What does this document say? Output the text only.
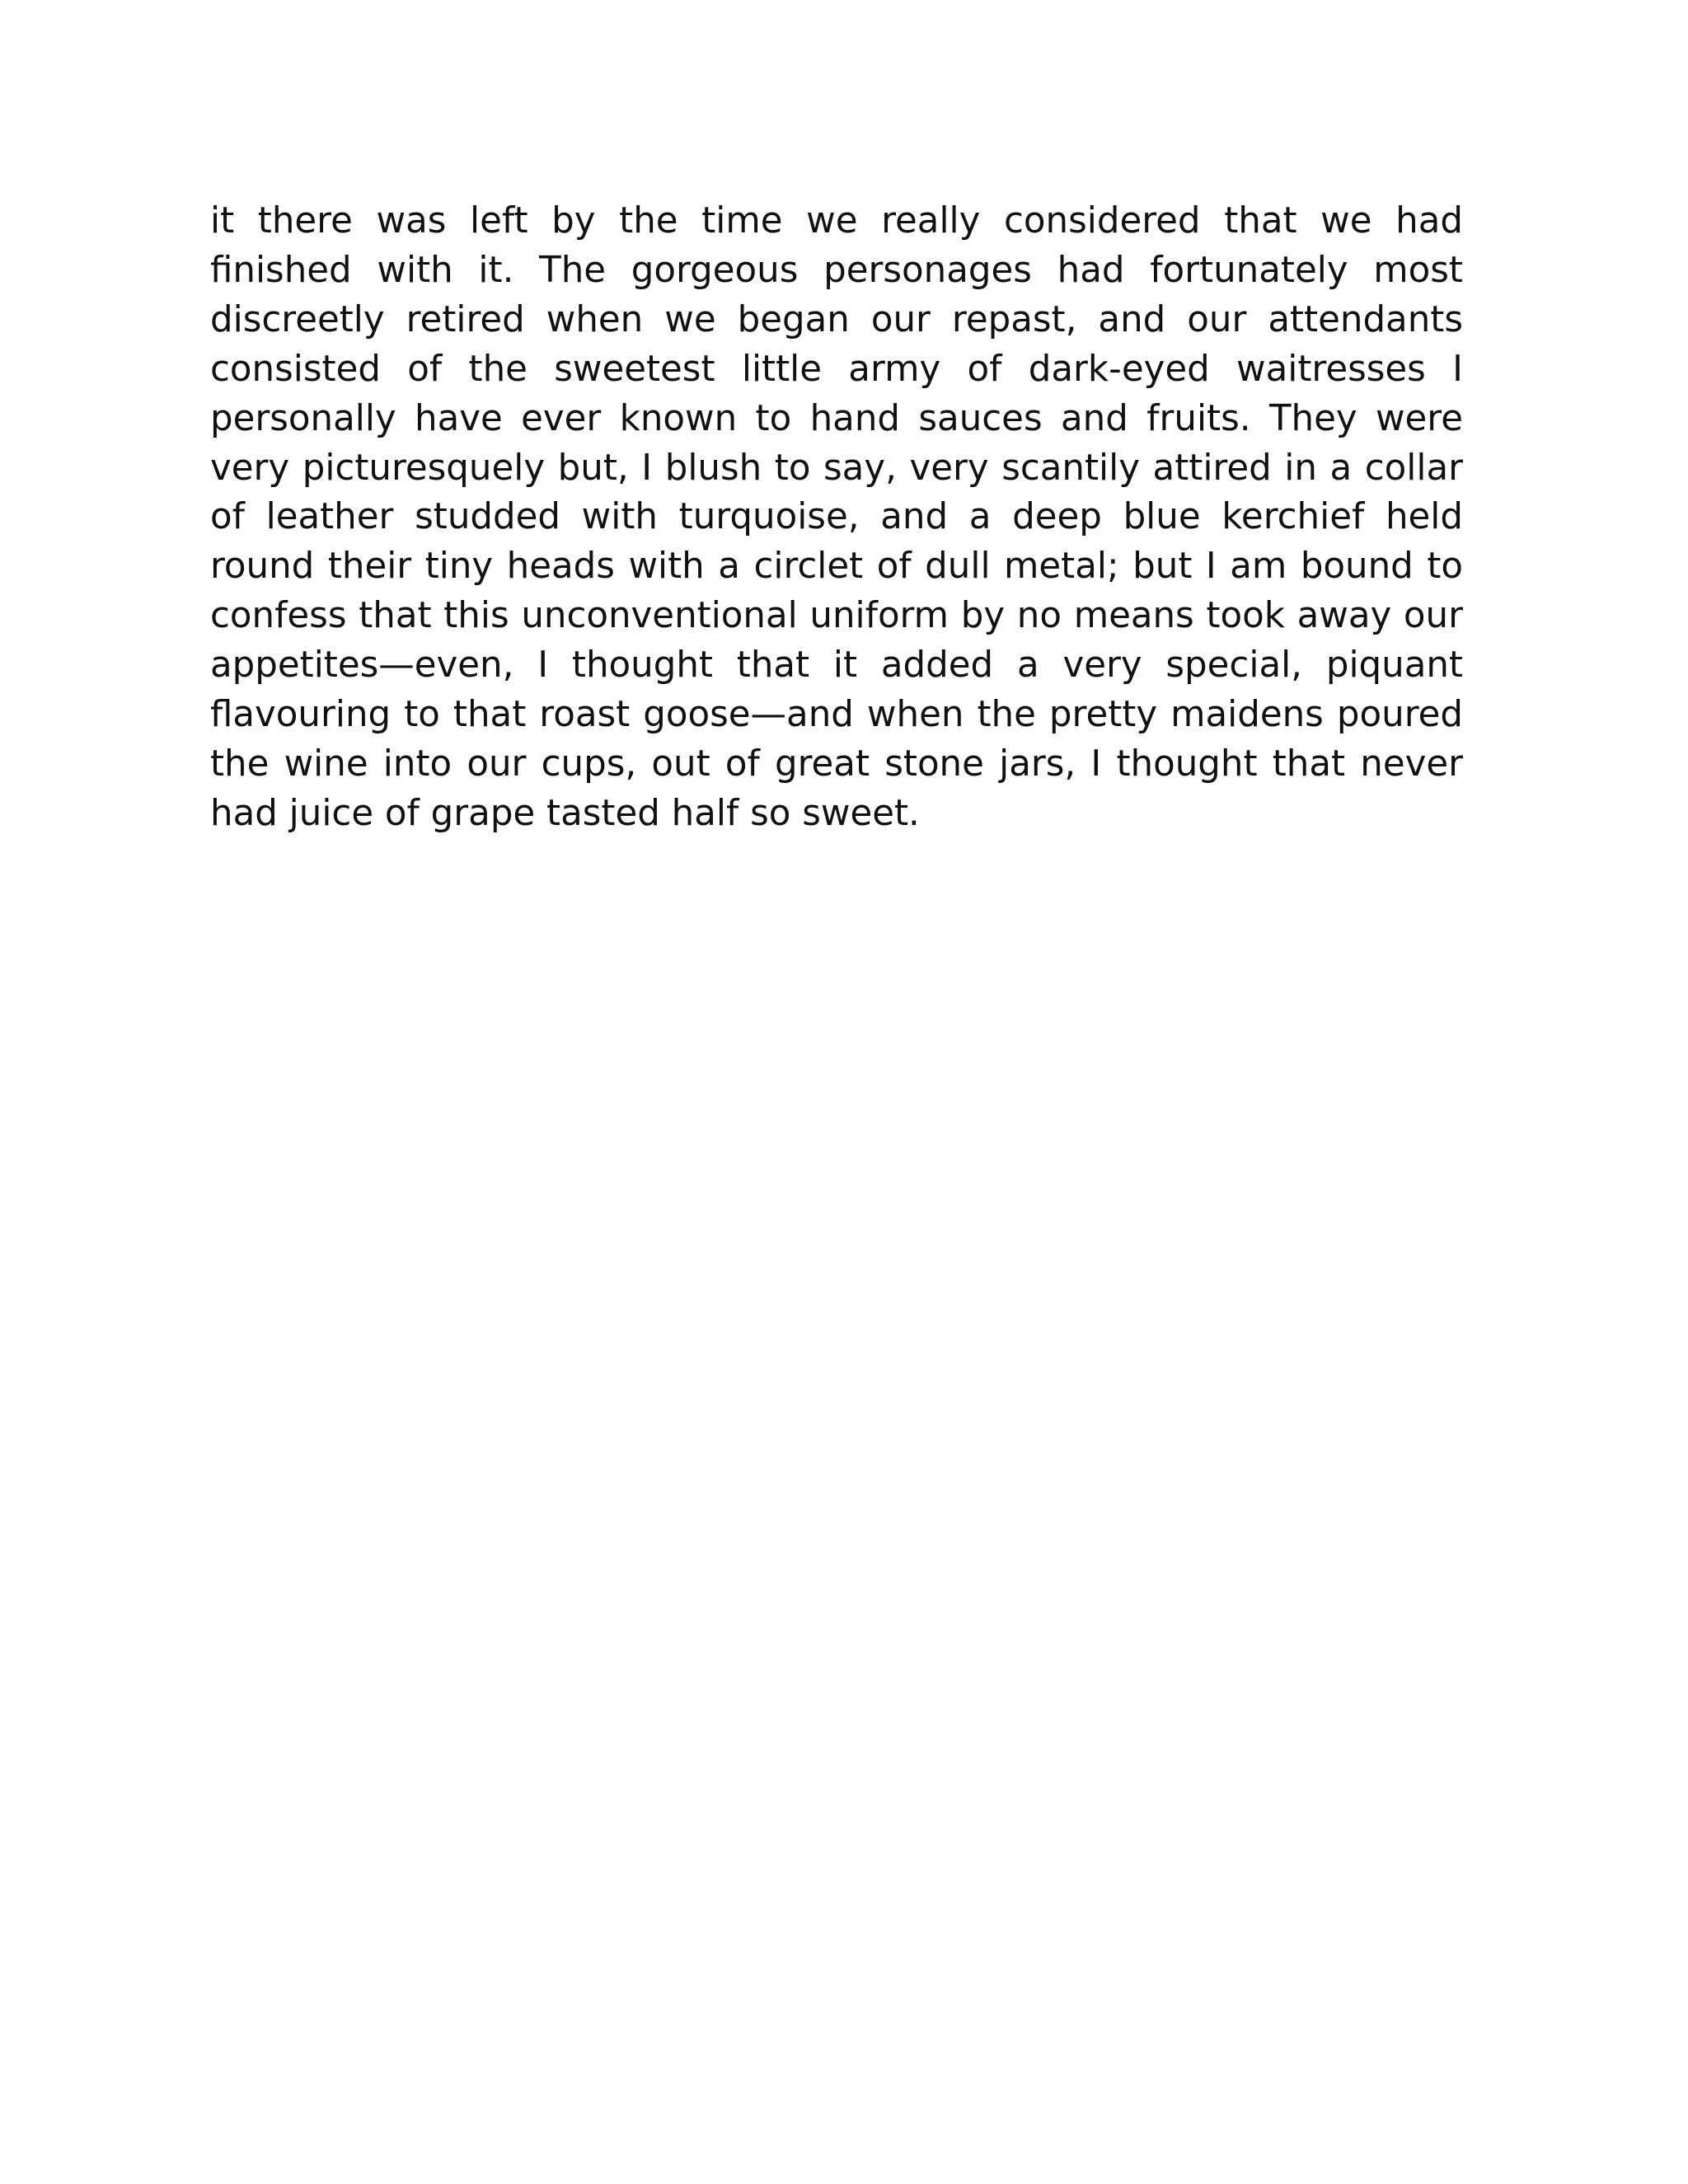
it there was left by the time we really considered that we had
finished with it. The gorgeous personages had fortunately most
discreetly retired when we began our repast, and our attendants
consisted of the sweetest little army of dark-eyed waitresses I
personally have ever known to hand sauces and fruits. They were
very picturesquely but, I blush to say, very scantily attired in a collar
of leather studded with turquoise, and a deep blue kerchief held
round their tiny heads with a circlet of dull metal; but I am bound to
confess that this unconventional uniform by no means took away our
appetites—even, I thought that it added a very special, piquant
flavouring to that roast goose—and when the pretty maidens poured
the wine into our cups, out of great stone jars, I thought that never
had juice of grape tasted half so sweet.
